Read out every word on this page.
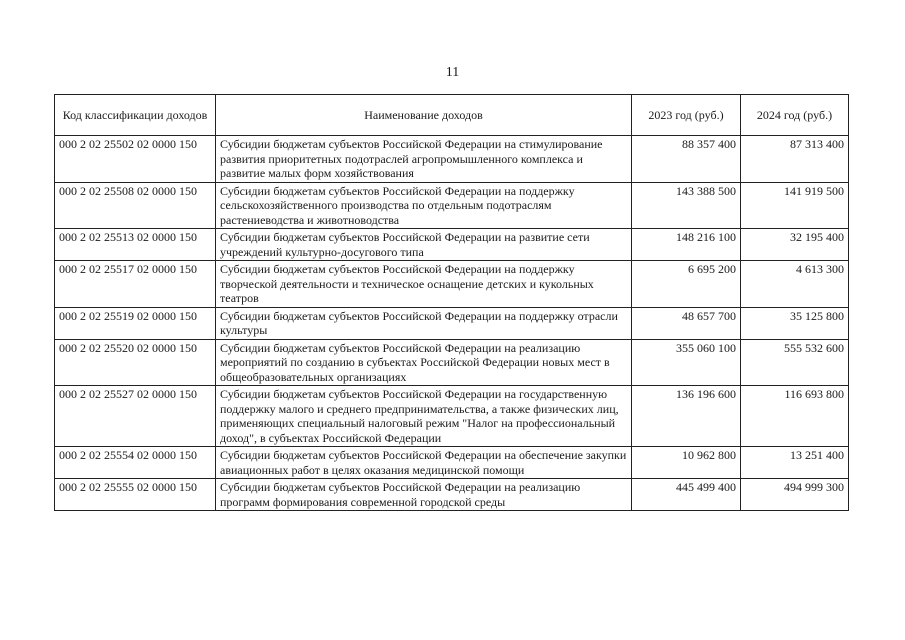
11
Код классификации доходов	Наименование доходов	2023 год (руб.)	2024 год (руб.)
000 2 02 25502 02 0000 150	Субсидии бюджетам субъектов Российской Федерации на стимулирование развития приоритетных подотраслей агропромышленного комплекса и развитие малых форм хозяйствования	88 357 400	87 313 400
000 2 02 25508 02 0000 150	Субсидии бюджетам субъектов Российской Федерации на поддержку сельскохозяйственного производства по отдельным подотраслям растениеводства и животноводства	143 388 500	141 919 500
000 2 02 25513 02 0000 150	Субсидии бюджетам субъектов Российской Федерации на развитие сети учреждений культурно-досугового типа	148 216 100	32 195 400
000 2 02 25517 02 0000 150	Субсидии бюджетам субъектов Российской Федерации на поддержку творческой деятельности и техническое оснащение детских и кукольных театров	6 695 200	4 613 300
000 2 02 25519 02 0000 150	Субсидии бюджетам субъектов Российской Федерации на поддержку отрасли культуры	48 657 700	35 125 800
000 2 02 25520 02 0000 150	Субсидии бюджетам субъектов Российской Федерации на реализацию мероприятий по созданию в субъектах Российской Федерации новых мест в общеобразовательных организациях	355 060 100	555 532 600
000 2 02 25527 02 0000 150	Субсидии бюджетам субъектов Российской Федерации на государственную поддержку малого и среднего предпринимательства, а также физических лиц, применяющих специальный налоговый режим "Налог на профессиональный доход", в субъектах Российской Федерации	136 196 600	116 693 800
000 2 02 25554 02 0000 150	Субсидии бюджетам субъектов Российской Федерации на обеспечение закупки авиационных работ в целях оказания медицинской помощи	10 962 800	13 251 400
000 2 02 25555 02 0000 150	Субсидии бюджетам субъектов Российской Федерации на реализацию программ формирования современной городской среды	445 499 400	494 999 300
